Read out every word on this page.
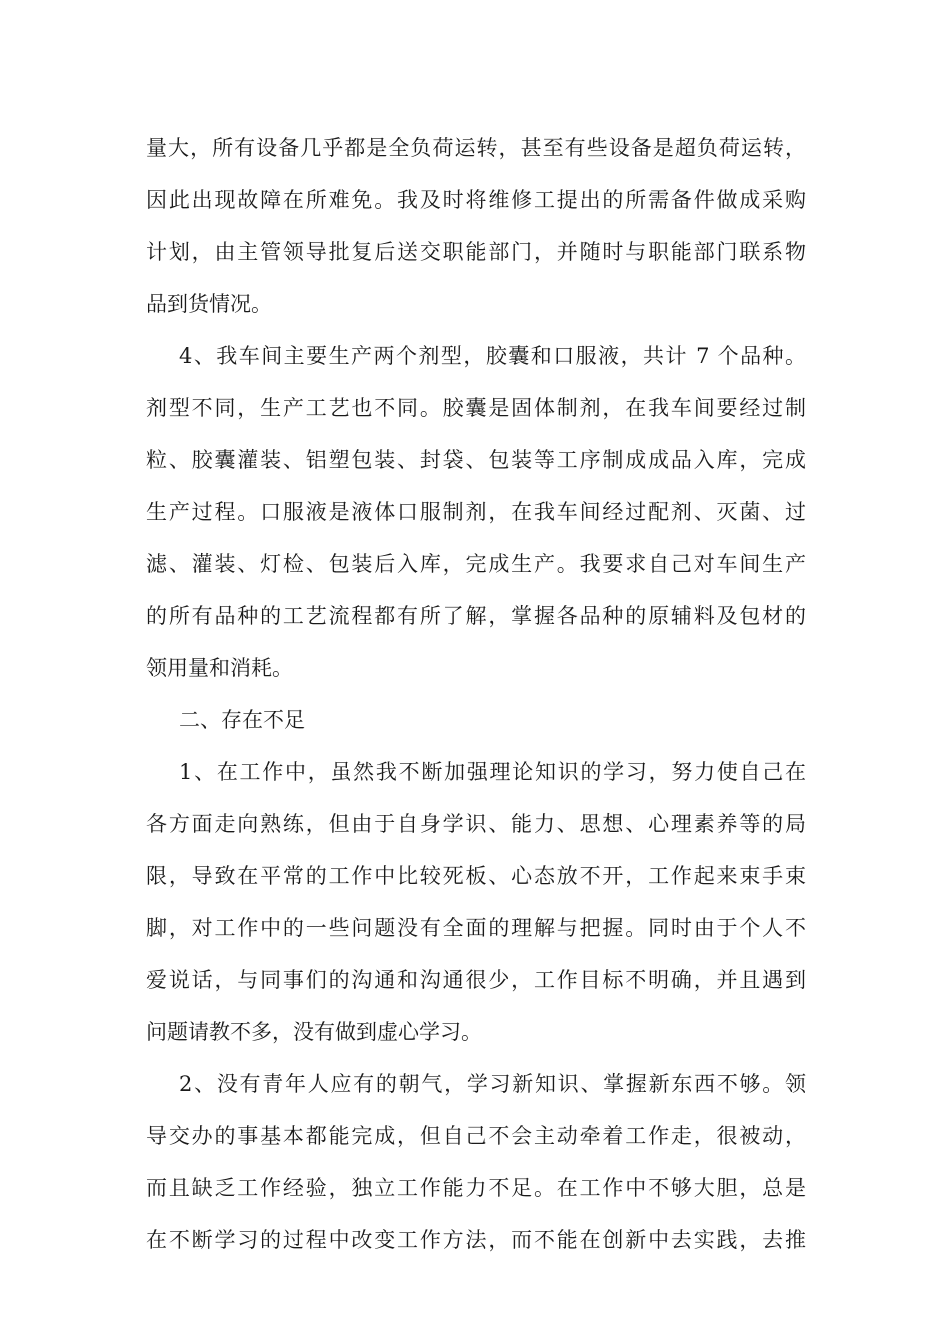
量大，所有设备几乎都是全负荷运转，甚至有些设备是超负荷运转，
因此出现故障在所难免。我及时将维修工提出的所需备件做成采购
计划，由主管领导批复后送交职能部门，并随时与职能部门联系物
品到货情况。
4、我车间主要生产两个剂型，胶囊和口服液，共计 7 个品种。
剂型不同，生产工艺也不同。胶囊是固体制剂，在我车间要经过制
粒、胶囊灌装、铝塑包装、封袋、包装等工序制成成品入库，完成
生产过程。口服液是液体口服制剂，在我车间经过配剂、灭菌、过
滤、灌装、灯检、包装后入库，完成生产。我要求自己对车间生产
的所有品种的工艺流程都有所了解，掌握各品种的原辅料及包材的
领用量和消耗。
二、存在不足
1、在工作中，虽然我不断加强理论知识的学习，努力使自己在
各方面走向熟练，但由于自身学识、能力、思想、心理素养等的局
限，导致在平常的工作中比较死板、心态放不开，工作起来束手束
脚，对工作中的一些问题没有全面的理解与把握。同时由于个人不
爱说话，与同事们的沟通和沟通很少，工作目标不明确，并且遇到
问题请教不多，没有做到虚心学习。
2、没有青年人应有的朝气，学习新知识、掌握新东西不够。领
导交办的事基本都能完成，但自己不会主动牵着工作走，很被动，
而且缺乏工作经验，独立工作能力不足。在工作中不够大胆，总是
在不断学习的过程中改变工作方法，而不能在创新中去实践，去推
